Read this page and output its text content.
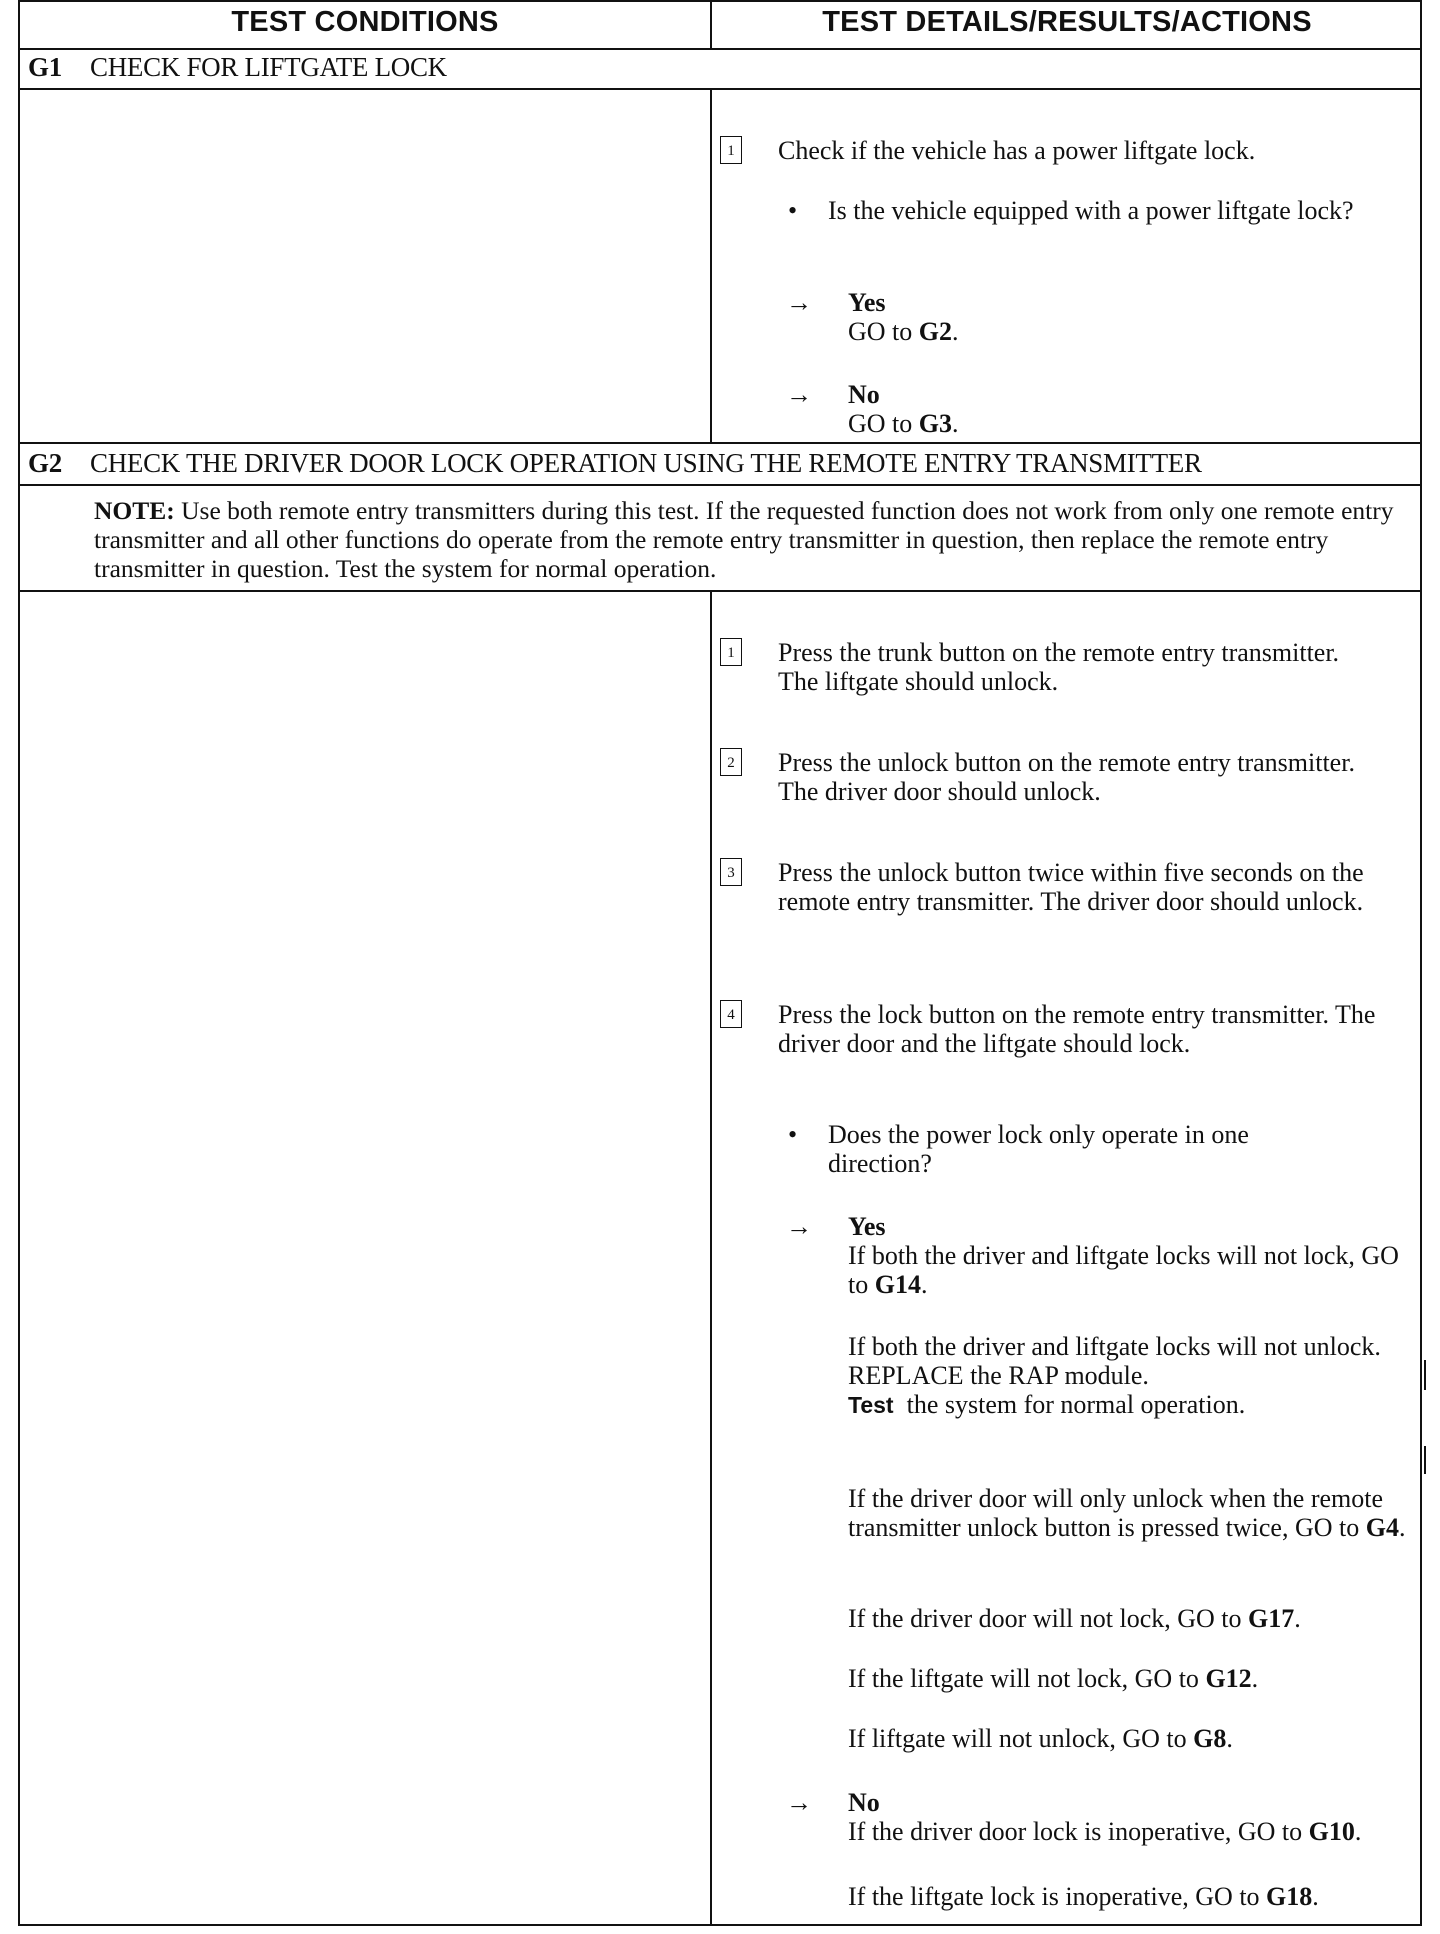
TEST CONDITIONS	TEST DETAILS/RESULTS/ACTIONS
G1 CHECK FOR LIFTGATE LOCK
1 Check if the vehicle has a power liftgate lock.
• Is the vehicle equipped with a power liftgate lock?
→ Yes
GO to G2.
→ No
GO to G3.
G2 CHECK THE DRIVER DOOR LOCK OPERATION USING THE REMOTE ENTRY TRANSMITTER
NOTE: Use both remote entry transmitters during this test. If the requested function does not work from only one remote entry transmitter and all other functions do operate from the remote entry transmitter in question, then replace the remote entry transmitter in question. Test the system for normal operation.
1 Press the trunk button on the remote entry transmitter. The liftgate should unlock.
2 Press the unlock button on the remote entry transmitter. The driver door should unlock.
3 Press the unlock button twice within five seconds on the remote entry transmitter. The driver door should unlock.
4 Press the lock button on the remote entry transmitter. The driver door and the liftgate should lock.
• Does the power lock only operate in one direction?
→ Yes
If both the driver and liftgate locks will not lock, GO to G14.
If both the driver and liftgate locks will not unlock. REPLACE the RAP module.
Test the system for normal operation.
If the driver door will only unlock when the remote transmitter unlock button is pressed twice, GO to G4.
If the driver door will not lock, GO to G17.
If the liftgate will not lock, GO to G12.
If liftgate will not unlock, GO to G8.
→ No
If the driver door lock is inoperative, GO to G10.
If the liftgate lock is inoperative, GO to G18.
